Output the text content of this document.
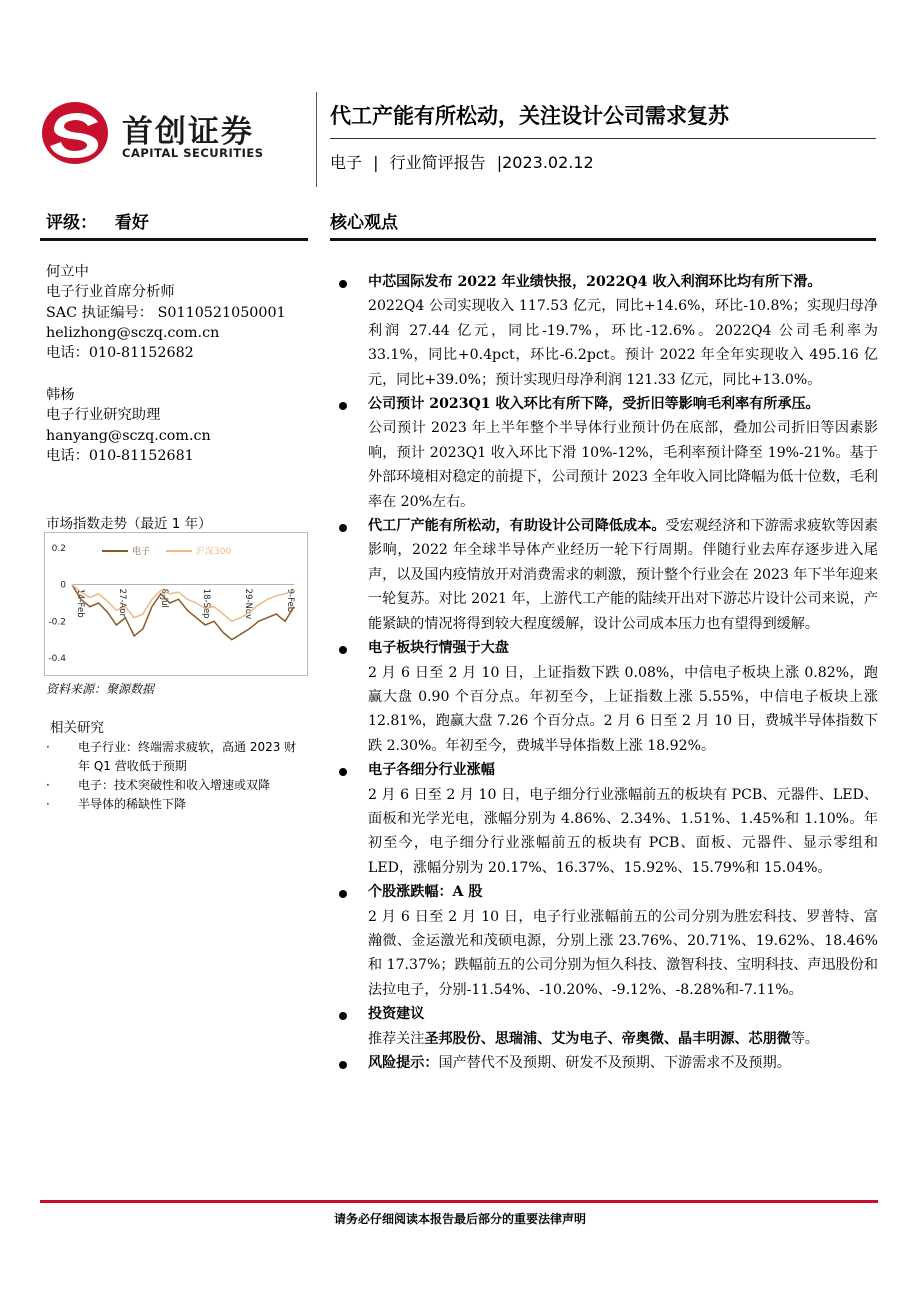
首创证券
CAPITAL SECURITIES
代工产能有所松动，关注设计公司需求复苏
电子 | 行业简评报告 |2023.02.12
评级： 看好	核心观点
何立中
电子行业首席分析师
SAC 执证编号： S0110521050001
helizhong@sczq.com.cn
电话：010-81152682
韩杨
电子行业研究助理
hanyang@sczq.com.cn
电话：010-81152681
市场指数走势（最近 1 年）
0.2
0
-0.2
-0.4
14-Feb	27-Apr	8-Jul	18-Sep	29-Nov	9-Feb
电子	沪深300
资料来源：聚源数据
相关研究
· 电子行业：终端需求疲软，高通 2023 财年 Q1 营收低于预期
· 电子：技术突破性和收入增速或双降
· 半导体的稀缺性下降
中芯国际发布 2022 年业绩快报，2022Q4 收入利润环比均有所下滑。
2022Q4 公司实现收入 117.53 亿元，同比+14.6%，环比-10.8%；实现归母净利润 27.44 亿元，同比-19.7%，环比-12.6%。2022Q4 公司毛利率为 33.1%，同比+0.4pct，环比-6.2pct。预计 2022 年全年实现收入 495.16 亿元，同比+39.0%；预计实现归母净利润 121.33 亿元，同比+13.0%。
公司预计 2023Q1 收入环比有所下降，受折旧等影响毛利率有所承压。
公司预计 2023 年上半年整个半导体行业预计仍在底部，叠加公司折旧等因素影响，预计 2023Q1 收入环比下滑 10%-12%，毛利率预计降至 19%-21%。基于外部环境相对稳定的前提下，公司预计 2023 全年收入同比降幅为低十位数，毛利率在 20%左右。
代工厂产能有所松动，有助设计公司降低成本。受宏观经济和下游需求疲软等因素影响，2022 年全球半导体产业经历一轮下行周期。伴随行业去库存逐步进入尾声，以及国内疫情放开对消费需求的刺激，预计整个行业会在 2023 年下半年迎来一轮复苏。对比 2021 年，上游代工产能的陆续开出对下游芯片设计公司来说，产能紧缺的情况将得到较大程度缓解，设计公司成本压力也有望得到缓解。
电子板块行情强于大盘
2 月 6 日至 2 月 10 日，上证指数下跌 0.08%，中信电子板块上涨 0.82%，跑赢大盘 0.90 个百分点。年初至今，上证指数上涨 5.55%，中信电子板块上涨 12.81%，跑赢大盘 7.26 个百分点。2 月 6 日至 2 月 10 日，费城半导体指数下跌 2.30%。年初至今，费城半导体指数上涨 18.92%。
电子各细分行业涨幅
2 月 6 日至 2 月 10 日，电子细分行业涨幅前五的板块有 PCB、元器件、LED、面板和光学光电，涨幅分别为 4.86%、2.34%、1.51%、1.45%和 1.10%。年初至今，电子细分行业涨幅前五的板块有 PCB、面板、元器件、显示零组和 LED，涨幅分别为 20.17%、16.37%、15.92%、15.79%和 15.04%。
个股涨跌幅：A 股
2 月 6 日至 2 月 10 日，电子行业涨幅前五的公司分别为胜宏科技、罗普特、富瀚微、金运激光和茂硕电源，分别上涨 23.76%、20.71%、19.62%、18.46%和 17.37%；跌幅前五的公司分别为恒久科技、激智科技、宝明科技、声迅股份和法拉电子，分别-11.54%、-10.20%、-9.12%、-8.28%和-7.11%。
投资建议
推荐关注圣邦股份、思瑞浦、艾为电子、帝奥微、晶丰明源、芯朋微等。
风险提示：国产替代不及预期、研发不及预期、下游需求不及预期。
请务必仔细阅读本报告最后部分的重要法律声明
